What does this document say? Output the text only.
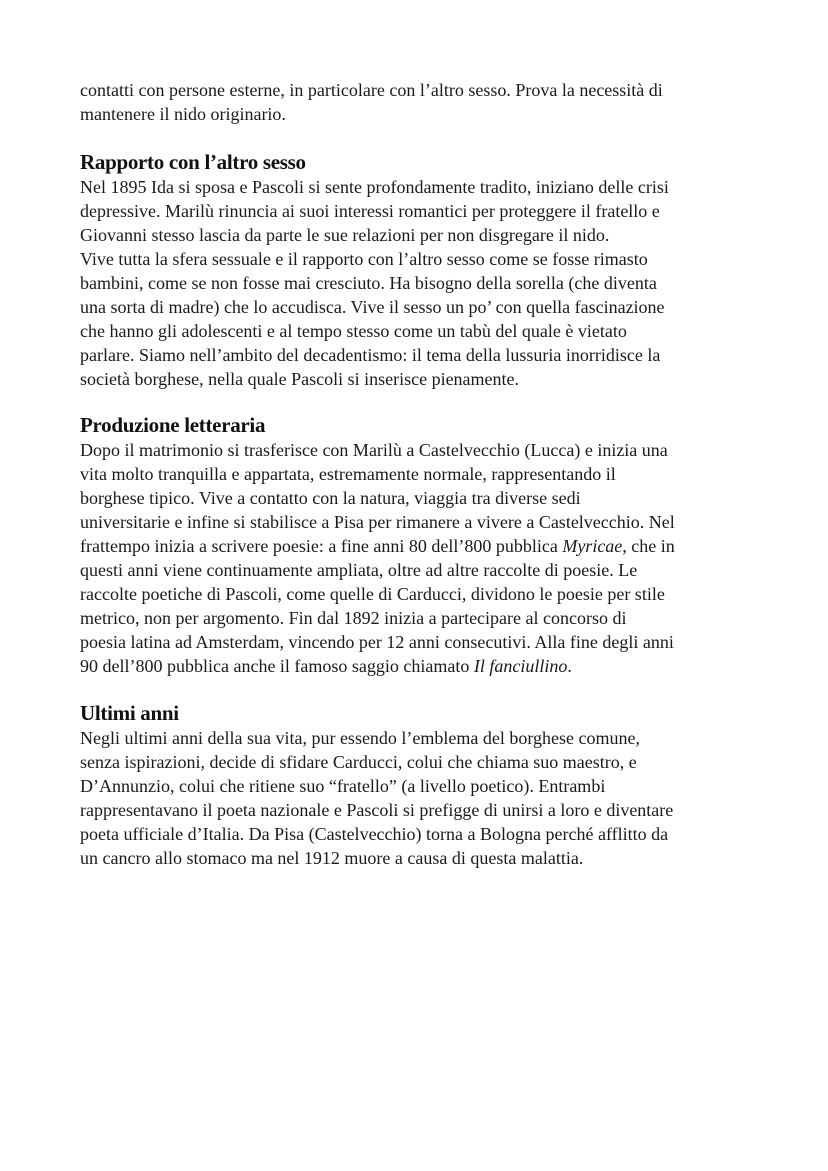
contatti con persone esterne, in particolare con l’altro sesso. Prova la necessità di
mantenere il nido originario.
Rapporto con l’altro sesso
Nel 1895 Ida si sposa e Pascoli si sente profondamente tradito, iniziano delle crisi
depressive. Marilù rinuncia ai suoi interessi romantici per proteggere il fratello e
Giovanni stesso lascia da parte le sue relazioni per non disgregare il nido.
Vive tutta la sfera sessuale e il rapporto con l’altro sesso come se fosse rimasto
bambini, come se non fosse mai cresciuto. Ha bisogno della sorella (che diventa
una sorta di madre) che lo accudisca. Vive il sesso un po’ con quella fascinazione
che hanno gli adolescenti e al tempo stesso come un tabù del quale è vietato
parlare. Siamo nell’ambito del decadentismo: il tema della lussuria inorridisce la
società borghese, nella quale Pascoli si inserisce pienamente.
Produzione letteraria
Dopo il matrimonio si trasferisce con Marilù a Castelvecchio (Lucca) e inizia una
vita molto tranquilla e appartata, estremamente normale, rappresentando il
borghese tipico. Vive a contatto con la natura, viaggia tra diverse sedi
universitarie e infine si stabilisce a Pisa per rimanere a vivere a Castelvecchio. Nel
frattempo inizia a scrivere poesie: a fine anni 80 dell’800 pubblica Myricae, che in
questi anni viene continuamente ampliata, oltre ad altre raccolte di poesie. Le
raccolte poetiche di Pascoli, come quelle di Carducci, dividono le poesie per stile
metrico, non per argomento. Fin dal 1892 inizia a partecipare al concorso di
poesia latina ad Amsterdam, vincendo per 12 anni consecutivi. Alla fine degli anni
90 dell’800 pubblica anche il famoso saggio chiamato Il fanciullino.
Ultimi anni
Negli ultimi anni della sua vita, pur essendo l’emblema del borghese comune,
senza ispirazioni, decide di sfidare Carducci, colui che chiama suo maestro, e
D’Annunzio, colui che ritiene suo “fratello” (a livello poetico). Entrambi
rappresentavano il poeta nazionale e Pascoli si prefigge di unirsi a loro e diventare
poeta ufficiale d’Italia. Da Pisa (Castelvecchio) torna a Bologna perché afflitto da
un cancro allo stomaco ma nel 1912 muore a causa di questa malattia.
